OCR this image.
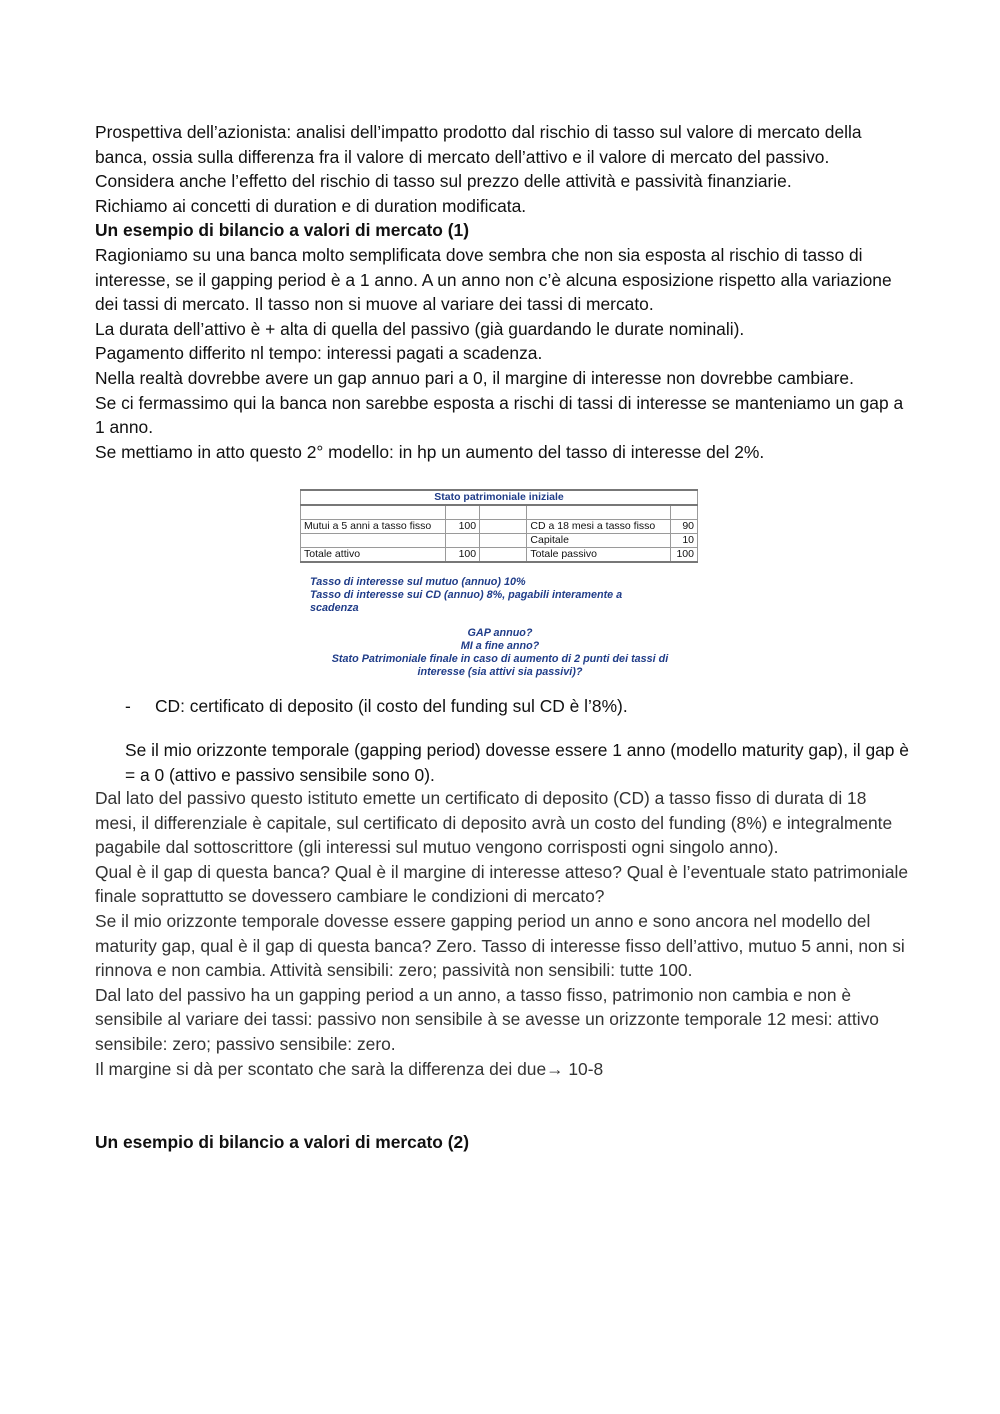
Prospettiva dell’azionista: analisi dell’impatto prodotto dal rischio di tasso sul valore di mercato della banca, ossia sulla differenza fra il valore di mercato dell’attivo e il valore di mercato del passivo.

Considera anche l’effetto del rischio di tasso sul prezzo delle attività e passività finanziarie.

Richiamo ai concetti di duration e di duration modificata.

Un esempio di bilancio a valori di mercato (1)

Ragioniamo su una banca molto semplificata dove sembra che non sia esposta al rischio di tasso di interesse, se il gapping period è a 1 anno. A un anno non c’è alcuna esposizione rispetto alla variazione dei tassi di mercato. Il tasso non si muove al variare dei tassi di mercato.

La durata dell’attivo è + alta di quella del passivo (già guardando le durate nominali).

Pagamento differito nl tempo: interessi pagati a scadenza.

Nella realtà dovrebbe avere un gap annuo pari a 0, il margine di interesse non dovrebbe cambiare.

Se ci fermassimo qui la banca non sarebbe esposta a rischi di tassi di interesse se manteniamo un gap a 1 anno.

Se mettiamo in atto questo 2° modello: in hp un aumento del tasso di interesse del 2%.

Stato patrimoniale iniziale				

Mutui a 5 anni a tasso fisso	100		CD a 18 mesi a tasso fisso	90
			Capitale	10
Totale attivo	100		Totale passivo	100
Tasso di interesse sul mutuo (annuo) 10%
Tasso di interesse sui CD (annuo) 8%, pagabili interamente a scadenza
GAP annuo?
MI a fine anno?
Stato Patrimoniale finale in caso di aumento di 2 punti dei tassi di interesse (sia attivi sia passivi)?
- CD: certificato di deposito (il costo del funding sul CD è l’8%).
Se il mio orizzonte temporale (gapping period) dovesse essere 1 anno (modello maturity gap), il gap è = a 0 (attivo e passivo sensibile sono 0).

Dal lato del passivo questo istituto emette un certificato di deposito (CD) a tasso fisso di durata di 18 mesi, il differenziale è capitale, sul certificato di deposito avrà un costo del funding (8%) e integralmente pagabile dal sottoscrittore (gli interessi sul mutuo vengono corrisposti ogni singolo anno).

Qual è il gap di questa banca? Qual è il margine di interesse atteso? Qual è l’eventuale stato patrimoniale finale soprattutto se dovessero cambiare le condizioni di mercato?

Se il mio orizzonte temporale dovesse essere gapping period un anno e sono ancora nel modello del maturity gap, qual è il gap di questa banca? Zero. Tasso di interesse fisso dell’attivo, mutuo 5 anni, non si rinnova e non cambia. Attività sensibili: zero; passività non sensibili: tutte 100.

Dal lato del passivo ha un gapping period a un anno, a tasso fisso, patrimonio non cambia e non è sensibile al variare dei tassi: passivo non sensibile à se avesse un orizzonte temporale 12 mesi: attivo sensibile: zero; passivo sensibile: zero.

Il margine si dà per scontato che sarà la differenza dei due→ 10-8

Un esempio di bilancio a valori di mercato (2)
